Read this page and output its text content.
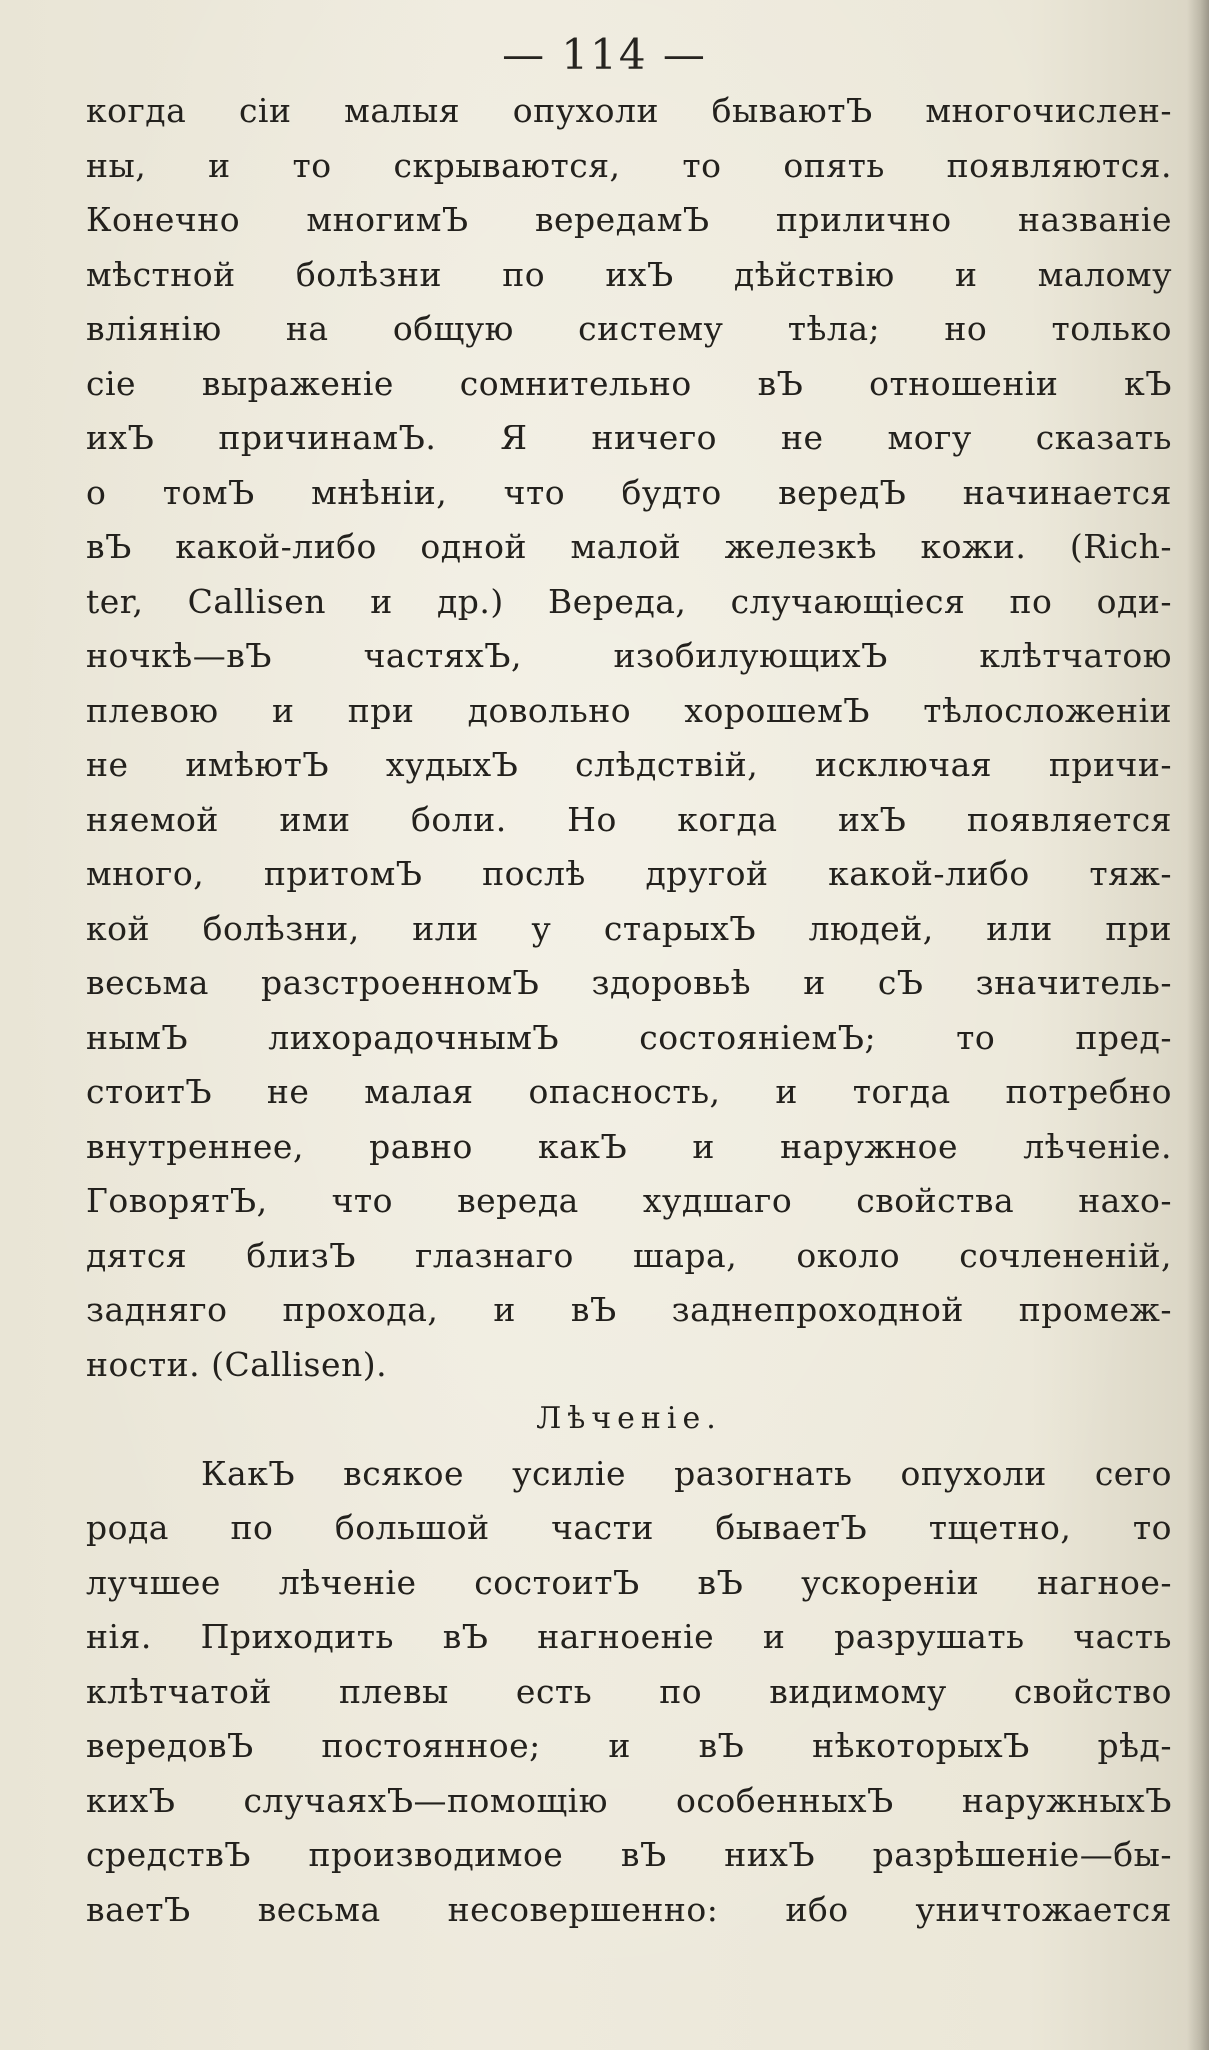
— 114 —
когда сіи малыя опухоли бываютЪ многочислен-
ны, и то скрываются, то опять появляются.
Конечно многимЪ вередамЪ прилично названіе
мѣстной болѣзни по ихЪ дѣйствію и малому
вліянію на общую систему тѣла; но только
сіе выраженіе сомнительно вЪ отношеніи кЪ
ихЪ причинамЪ. Я ничего не могу сказать
о томЪ мнѣніи, что будто вередЪ начинается
вЪ какой-либо одной малой железкѣ кожи. (Rich-
ter, Callisen и др.) Вереда, случающіеся по оди-
ночкѣ—вЪ частяхЪ, изобилующихЪ клѣтчатою
плевою и при довольно хорошемЪ тѣлосложеніи
не имѣютЪ худыхЪ слѣдствій, исключая причи-
няемой ими боли. Но когда ихЪ появляется
много, притомЪ послѣ другой какой-либо тяж-
кой болѣзни, или у старыхЪ людей, или при
весьма разстроенномЪ здоровьѣ и сЪ значитель-
нымЪ лихорадочнымЪ состояніемЪ; то пред-
стоитЪ не малая опасность, и тогда потребно
внутреннее, равно какЪ и наружное лѣченіе.
ГоворятЪ, что вереда худшаго свойства нахо-
дятся близЪ глазнаго шара, около сочлененій,
задняго прохода, и вЪ заднепроходной промеж-
ности. (Callisen).
Лѣченіе.
КакЪ всякое усиліе разогнать опухоли сего
рода по большой части бываетЪ тщетно, то
лучшее лѣченіе состоитЪ вЪ ускореніи нагное-
нія. Приходить вЪ нагноеніе и разрушать часть
клѣтчатой плевы есть по видимому свойство
вередовЪ постоянное; и вЪ нѣкоторыхЪ рѣд-
кихЪ случаяхЪ—помощію особенныхЪ наружныхЪ
средствЪ производимое вЪ нихЪ разрѣшеніе—бы-
ваетЪ весьма несовершенно: ибо уничтожается
